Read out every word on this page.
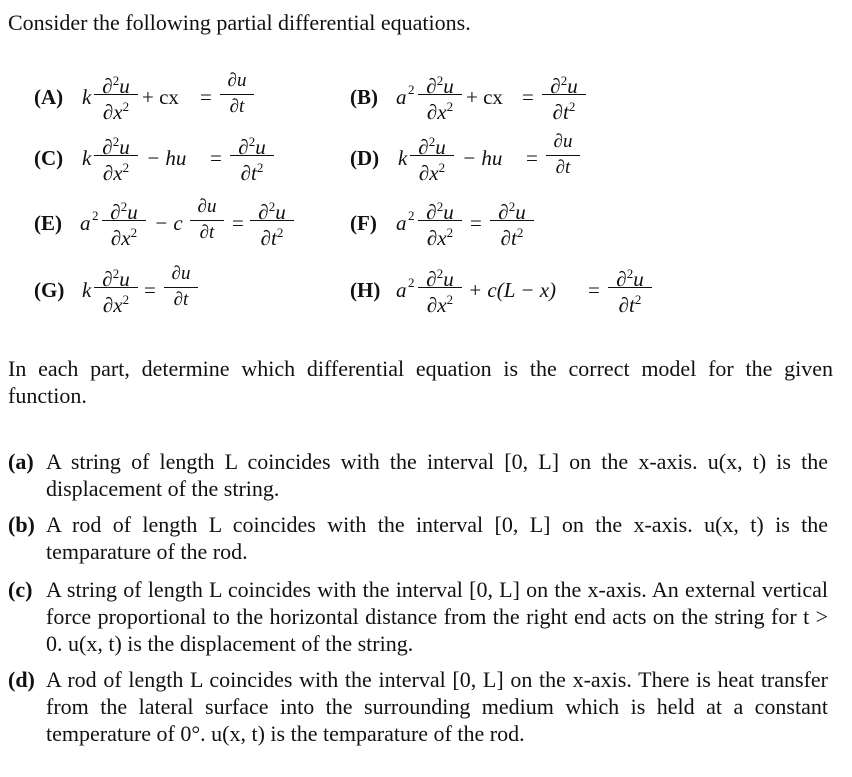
Consider the following partial differential equations.
(A) k $\frac{\partial^2u}{\partial x^2}$ + cx = $\frac{\partial u}{\partial t}$	(B) a $2 \frac{\partial^2u}{\partial x^2}$ + cx = $\frac{\partial^2u}{\partial t^2}$
(C) k $\frac{\partial^2u}{\partial x^2}$ − hu = $\frac{\partial^2u}{\partial t^2}$	(D) k $\frac{\partial^2u}{\partial x^2}$ − hu = $\frac{\partial u}{\partial t}$
(E) a $2 \frac{\partial^2u}{\partial x^2} - c \frac{\partial u}{\partial t} = \frac{\partial^2u}{\partial t^2}$	(F) a $2 \frac{\partial^2u}{\partial x^2} = \frac{\partial^2u}{\partial t^2}$
(G) k $\frac{\partial^2u}{\partial x^2} = \frac{\partial u}{\partial t}$	(H) a $2 \frac{\partial^2u}{\partial x^2} + c(L - x) = \frac{\partial^2u}{\partial t^2}$
In each part, determine which differential equation is the correct model for the given function.
(a) A string of length L coincides with the interval [0, L] on the x-axis. u(x, t) is the displacement of the string.
(b) A rod of length L coincides with the interval [0, L] on the x-axis. u(x, t) is the temparature of the rod.
(c) A string of length L coincides with the interval [0, L] on the x-axis. An external vertical force proportional to the horizontal distance from the right end acts on the string for t > 0. u(x, t) is the displacement of the string.
(d) A rod of length L coincides with the interval [0, L] on the x-axis. There is heat transfer from the lateral surface into the surrounding medium which is held at a constant temperature of 0°. u(x, t) is the temparature of the rod.
